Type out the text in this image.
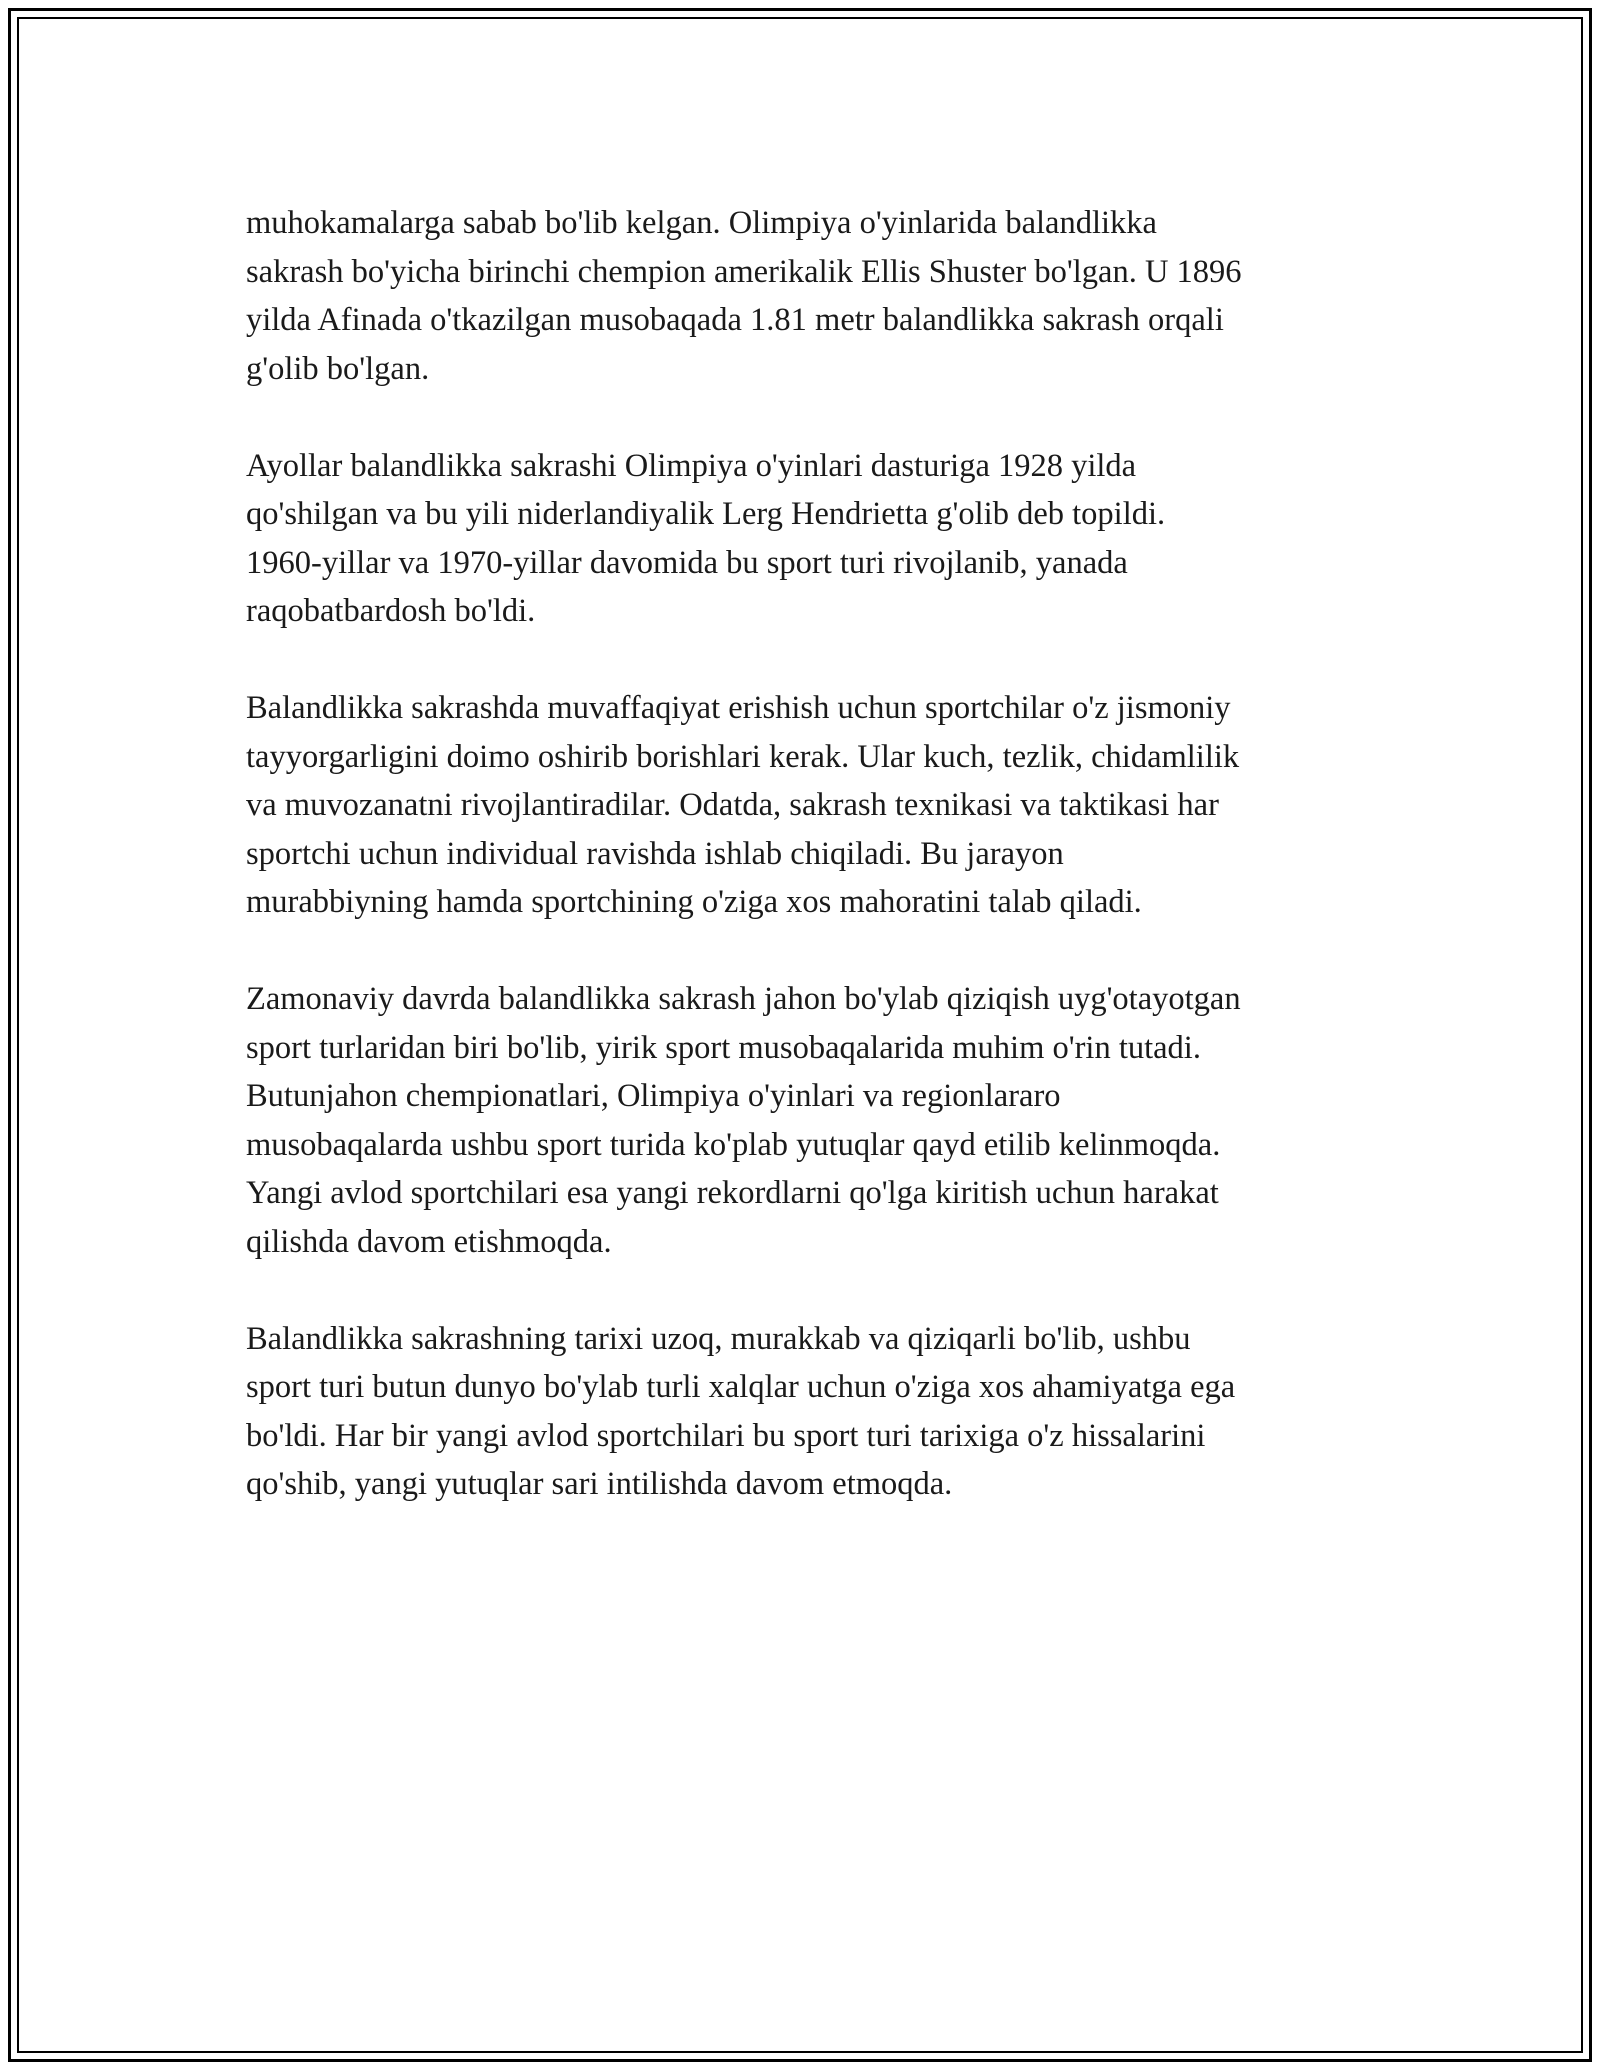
muhokamalarga sabab bo'lib kelgan. Olimpiya o'yinlarida balandlikka
sakrash bo'yicha birinchi chempion amerikalik Ellis Shuster bo'lgan. U 1896
yilda Afinada o'tkazilgan musobaqada 1.81 metr balandlikka sakrash orqali
g'olib bo'lgan.

Ayollar balandlikka sakrashi Olimpiya o'yinlari dasturiga 1928 yilda
qo'shilgan va bu yili niderlandiyalik Lerg Hendrietta g'olib deb topildi.
1960-yillar va 1970-yillar davomida bu sport turi rivojlanib, yanada
raqobatbardosh bo'ldi.

Balandlikka sakrashda muvaffaqiyat erishish uchun sportchilar o'z jismoniy
tayyorgarligini doimo oshirib borishlari kerak. Ular kuch, tezlik, chidamlilik
va muvozanatni rivojlantiradilar. Odatda, sakrash texnikasi va taktikasi har
sportchi uchun individual ravishda ishlab chiqiladi. Bu jarayon
murabbiyning hamda sportchining o'ziga xos mahoratini talab qiladi.

Zamonaviy davrda balandlikka sakrash jahon bo'ylab qiziqish uyg'otayotgan
sport turlaridan biri bo'lib, yirik sport musobaqalarida muhim o'rin tutadi.
Butunjahon chempionatlari, Olimpiya o'yinlari va regionlararo
musobaqalarda ushbu sport turida ko'plab yutuqlar qayd etilib kelinmoqda.
Yangi avlod sportchilari esa yangi rekordlarni qo'lga kiritish uchun harakat
qilishda davom etishmoqda.

Balandlikka sakrashning tarixi uzoq, murakkab va qiziqarli bo'lib, ushbu
sport turi butun dunyo bo'ylab turli xalqlar uchun o'ziga xos ahamiyatga ega
bo'ldi. Har bir yangi avlod sportchilari bu sport turi tarixiga o'z hissalarini
qo'shib, yangi yutuqlar sari intilishda davom etmoqda.
